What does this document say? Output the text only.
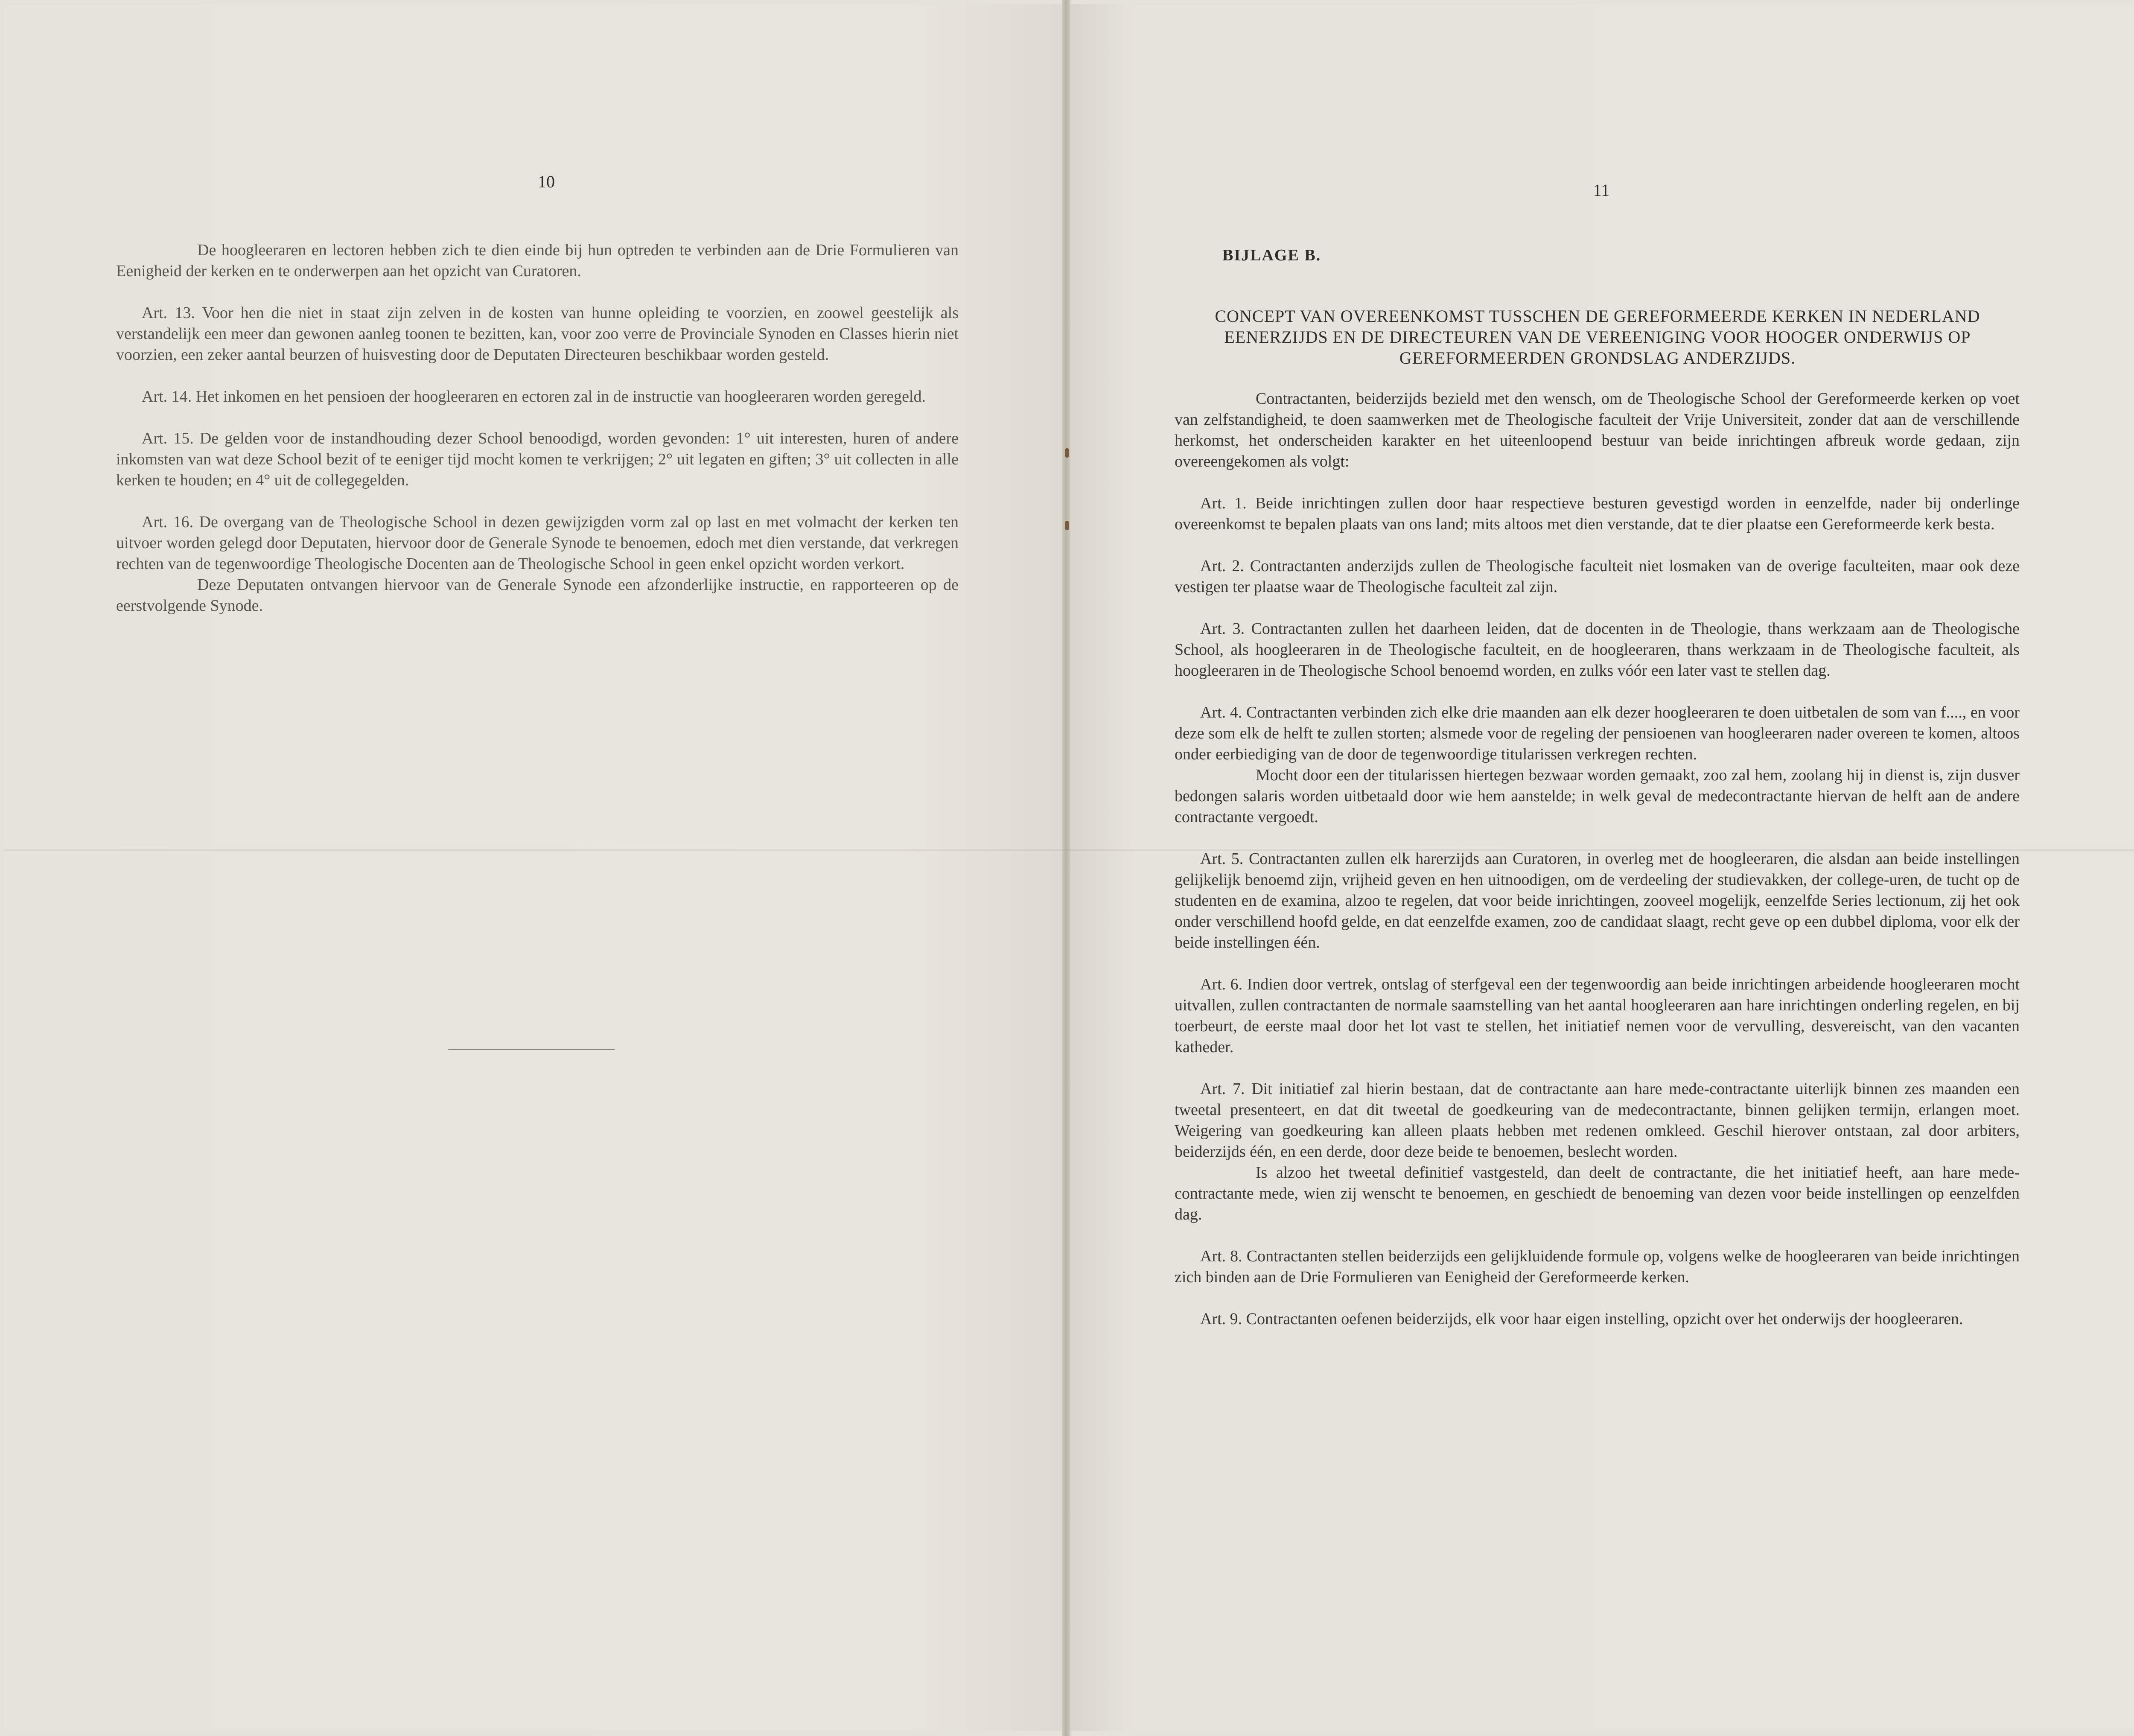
10

De hoogleeraren en lectoren hebben zich te dien einde bij hun optreden te verbinden aan de Drie Formulieren van Eenigheid der kerken en te onderwerpen aan het opzicht van Curatoren.

Art. 13. Voor hen die niet in staat zijn zelven in de kosten van hunne opleiding te voorzien, en zoowel geestelijk als verstandelijk een meer dan gewonen aanleg toonen te bezitten, kan, voor zoo verre de Provinciale Synoden en Classes hierin niet voorzien, een zeker aantal beurzen of huisvesting door de Deputaten Directeuren beschikbaar worden gesteld.

Art. 14. Het inkomen en het pensioen der hoogleeraren en ectoren zal in de instructie van hoogleeraren worden geregeld.

Art. 15. De gelden voor de instandhouding dezer School benoodigd, worden gevonden: 1° uit interesten, huren of andere inkomsten van wat deze School bezit of te eeniger tijd mocht komen te verkrijgen; 2° uit legaten en giften; 3° uit collecten in alle kerken te houden; en 4° uit de collegegelden.

Art. 16. De overgang van de Theologische School in dezen gewijzigden vorm zal op last en met volmacht der kerken ten uitvoer worden gelegd door Deputaten, hiervoor door de Generale Synode te benoemen, edoch met dien verstande, dat verkregen rechten van de tegenwoordige Theologische Docenten aan de Theologische School in geen enkel opzicht worden verkort.

Deze Deputaten ontvangen hiervoor van de Generale Synode een afzonderlijke instructie, en rapporteeren op de eerstvolgende Synode.

11
BIJLAGE B.
CONCEPT VAN OVEREENKOMST TUSSCHEN DE GEREFORMEERDE KERKEN IN NEDERLAND EENERZIJDS EN DE DIRECTEUREN VAN DE VEREENIGING VOOR HOOGER ONDERWIJS OP GEREFORMEERDEN GRONDSLAG ANDERZIJDS.

Contractanten, beiderzijds bezield met den wensch, om de Theologische School der Gereformeerde kerken op voet van zelfstandigheid, te doen saamwerken met de Theologische faculteit der Vrije Universiteit, zonder dat aan de verschillende herkomst, het onderscheiden karakter en het uiteenloopend bestuur van beide inrichtingen afbreuk worde gedaan, zijn overeengekomen als volgt:

Art. 1. Beide inrichtingen zullen door haar respectieve besturen gevestigd worden in eenzelfde, nader bij onderlinge overeenkomst te bepalen plaats van ons land; mits altoos met dien verstande, dat te dier plaatse een Gereformeerde kerk besta.

Art. 2. Contractanten anderzijds zullen de Theologische faculteit niet losmaken van de overige faculteiten, maar ook deze vestigen ter plaatse waar de Theologische faculteit zal zijn.

Art. 3. Contractanten zullen het daarheen leiden, dat de docenten in de Theologie, thans werkzaam aan de Theologische School, als hoogleeraren in de Theologische faculteit, en de hoogleeraren, thans werkzaam in de Theologische faculteit, als hoogleeraren in de Theologische School benoemd worden, en zulks vóór een later vast te stellen dag.

Art. 4. Contractanten verbinden zich elke drie maanden aan elk dezer hoogleeraren te doen uitbetalen de som van f...., en voor deze som elk de helft te zullen storten; alsmede voor de regeling der pensioenen van hoogleeraren nader overeen te komen, altoos onder eerbiediging van de door de tegenwoordige titularissen verkregen rechten.

Mocht door een der titularissen hiertegen bezwaar worden gemaakt, zoo zal hem, zoolang hij in dienst is, zijn dusver bedongen salaris worden uitbetaald door wie hem aanstelde; in welk geval de medecontractante hiervan de helft aan de andere contractante vergoedt.

Art. 5. Contractanten zullen elk harerzijds aan Curatoren, in overleg met de hoogleeraren, die alsdan aan beide instellingen gelijkelijk benoemd zijn, vrijheid geven en hen uitnoodigen, om de verdeeling der studievakken, der college-uren, de tucht op de studenten en de examina, alzoo te regelen, dat voor beide inrichtingen, zooveel mogelijk, eenzelfde Series lectionum, zij het ook onder verschillend hoofd gelde, en dat eenzelfde examen, zoo de candidaat slaagt, recht geve op een dubbel diploma, voor elk der beide instellingen één.

Art. 6. Indien door vertrek, ontslag of sterfgeval een der tegenwoordig aan beide inrichtingen arbeidende hoogleeraren mocht uitvallen, zullen contractanten de normale saamstelling van het aantal hoogleeraren aan hare inrichtingen onderling regelen, en bij toerbeurt, de eerste maal door het lot vast te stellen, het initiatief nemen voor de vervulling, desvereischt, van den vacanten katheder.

Art. 7. Dit initiatief zal hierin bestaan, dat de contractante aan hare mede-contractante uiterlijk binnen zes maanden een tweetal presenteert, en dat dit tweetal de goedkeuring van de medecontractante, binnen gelijken termijn, erlangen moet. Weigering van goedkeuring kan alleen plaats hebben met redenen omkleed. Geschil hierover ontstaan, zal door arbiters, beiderzijds één, en een derde, door deze beide te benoemen, beslecht worden.

Is alzoo het tweetal definitief vastgesteld, dan deelt de contractante, die het initiatief heeft, aan hare mede-contractante mede, wien zij wenscht te benoemen, en geschiedt de benoeming van dezen voor beide instellingen op eenzelfden dag.

Art. 8. Contractanten stellen beiderzijds een gelijkluidende formule op, volgens welke de hoogleeraren van beide inrichtingen zich binden aan de Drie Formulieren van Eenigheid der Gereformeerde kerken.

Art. 9. Contractanten oefenen beiderzijds, elk voor haar eigen instelling, opzicht over het onderwijs der hoogleeraren.
